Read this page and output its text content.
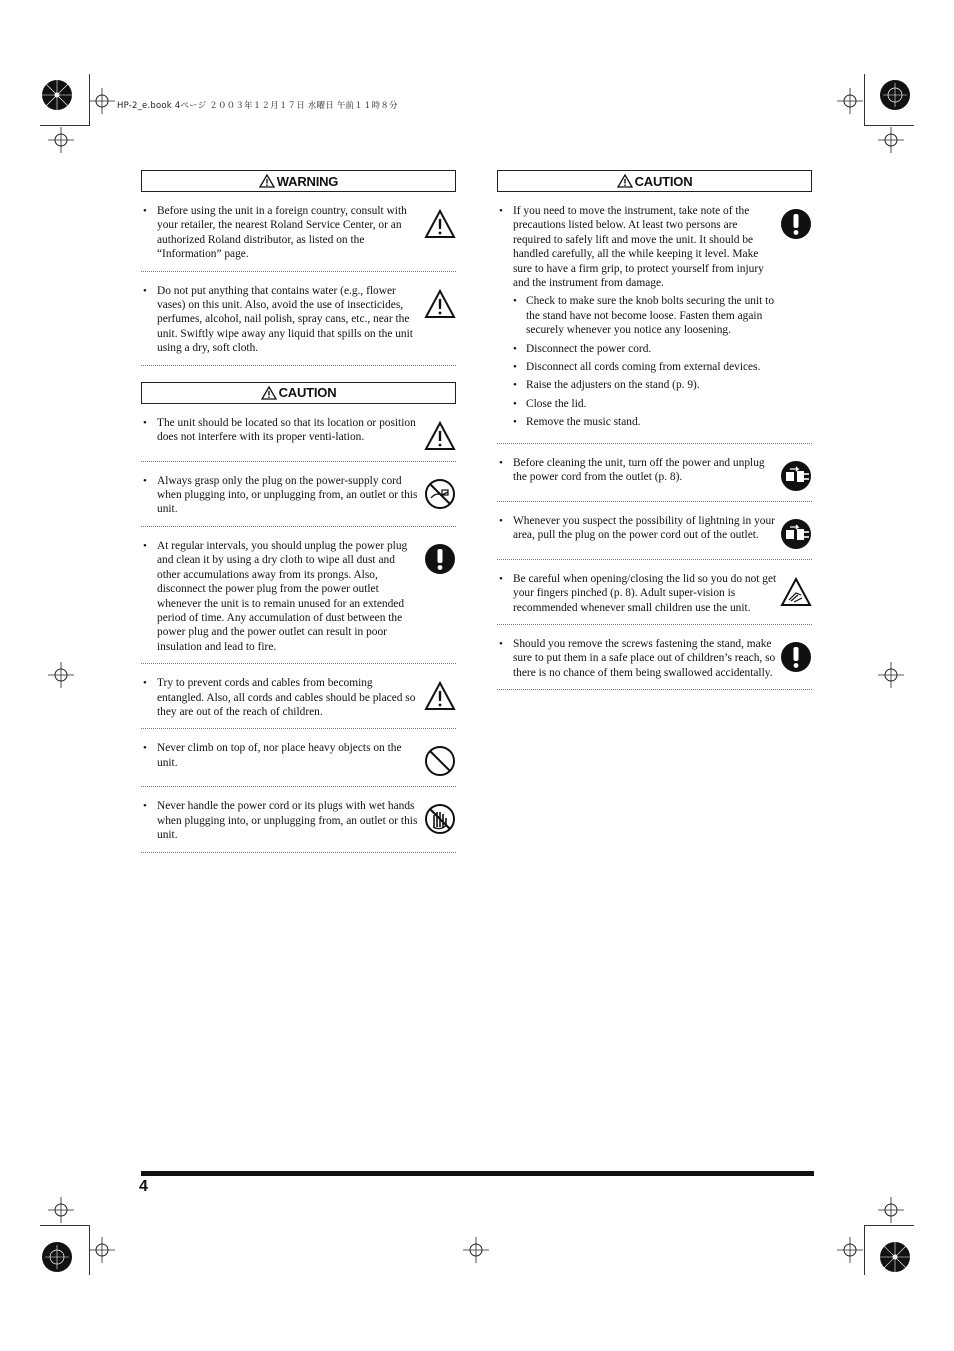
HP-2_e.book 4ページ ２００３年１２月１７日 水曜日 午前１１時８分
WARNING
• Before using the unit in a foreign country, consult with your retailer, the nearest Roland Service Center, or an authorized Roland distributor, as listed on the “Information” page.
• Do not put anything that contains water (e.g., flower vases) on this unit. Also, avoid the use of insecticides, perfumes, alcohol, nail polish, spray cans, etc., near the unit. Swiftly wipe away any liquid that spills on the unit using a dry, soft cloth.
CAUTION
• The unit should be located so that its location or position does not interfere with its proper venti-lation.
• Always grasp only the plug on the power-supply cord when plugging into, or unplugging from, an outlet or this unit.
• At regular intervals, you should unplug the power plug and clean it by using a dry cloth to wipe all dust and other accumulations away from its prongs. Also, disconnect the power plug from the power outlet whenever the unit is to remain unused for an extended period of time. Any accumulation of dust between the power plug and the power outlet can result in poor insulation and lead to fire.
• Try to prevent cords and cables from becoming entangled. Also, all cords and cables should be placed so they are out of the reach of children.
• Never climb on top of, nor place heavy objects on the unit.
• Never handle the power cord or its plugs with wet hands when plugging into, or unplugging from, an outlet or this unit.
CAUTION
• If you need to move the instrument, take note of the precautions listed below. At least two persons are required to safely lift and move the unit. It should be handled carefully, all the while keeping it level. Make sure to have a firm grip, to protect yourself from injury and the instrument from damage.
• Check to make sure the knob bolts securing the unit to the stand have not become loose. Fasten them again securely whenever you notice any loosening.
• Disconnect the power cord.
• Disconnect all cords coming from external devices.
• Raise the adjusters on the stand (p. 9).
• Close the lid.
• Remove the music stand.
• Before cleaning the unit, turn off the power and unplug the power cord from the outlet (p. 8).
• Whenever you suspect the possibility of lightning in your area, pull the plug on the power cord out of the outlet.
• Be careful when opening/closing the lid so you do not get your fingers pinched (p. 8). Adult super-vision is recommended whenever small children use the unit.
• Should you remove the screws fastening the stand, make sure to put them in a safe place out of children’s reach, so there is no chance of them being swallowed accidentally.
4
